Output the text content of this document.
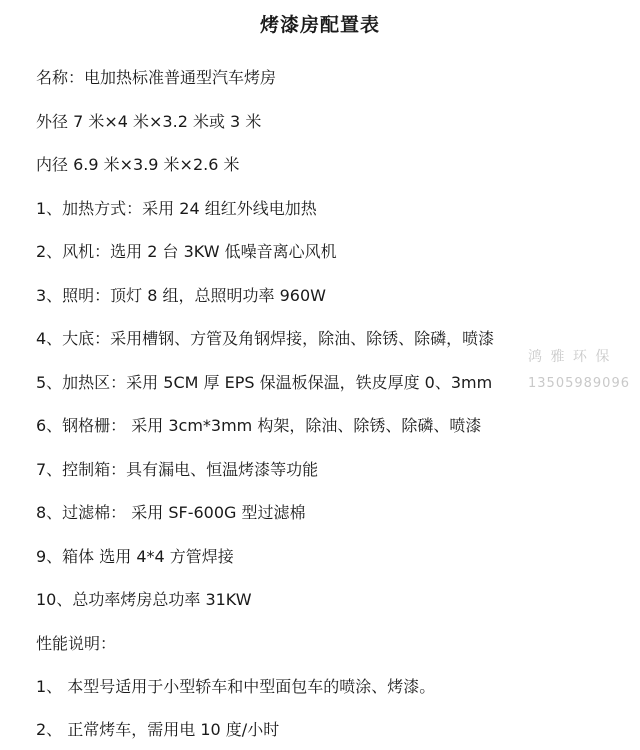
烤漆房配置表
名称：电加热标准普通型汽车烤房
外径 7 米×4 米×3.2 米或 3 米
内径 6.9 米×3.9 米×2.6 米
1、加热方式：采用 24 组红外线电加热
2、风机：选用 2 台 3KW 低噪音离心风机
3、照明：顶灯 8 组，总照明功率 960W
4、大底：采用槽钢、方管及角钢焊接，除油、除锈、除磷，喷漆
5、加热区：采用 5CM 厚 EPS 保温板保温，铁皮厚度 0、3mm
6、钢格栅： 采用 3cm*3mm 构架，除油、除锈、除磷、喷漆
7、控制箱：具有漏电、恒温烤漆等功能
8、过滤棉： 采用 SF-600G 型过滤棉
9、箱体 选用 4*4 方管焊接
10、总功率烤房总功率 31KW
性能说明：
1、 本型号适用于小型轿车和中型面包车的喷涂、烤漆。
2、 正常烤车，需用电 10 度/小时
鸿 雅 环 保
13505989096
